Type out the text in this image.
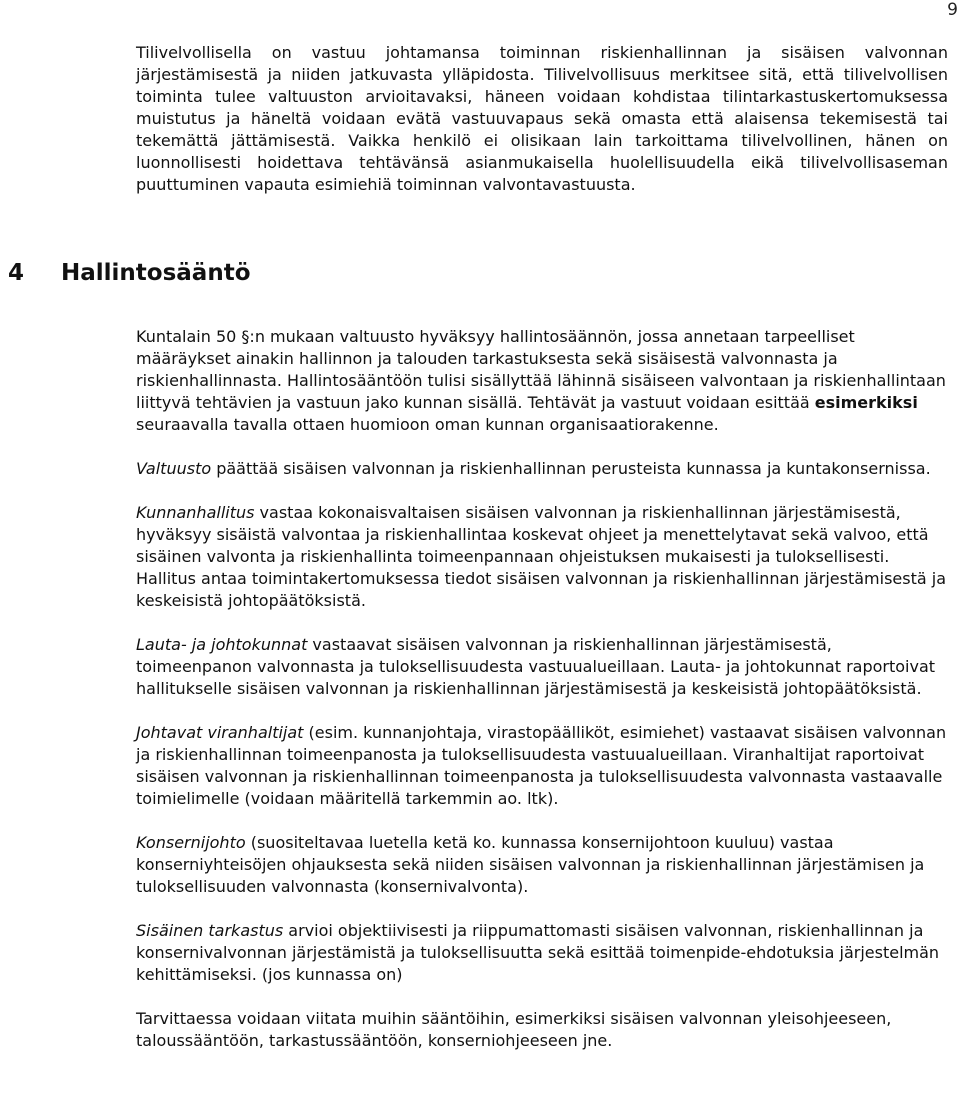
9

Tilivelvollisella on vastuu johtamansa toiminnan riskienhallinnan ja sisäisen valvonnan järjestämisestä ja niiden jatkuvasta ylläpidosta. Tilivelvollisuus merkitsee sitä, että tilivelvollisen toiminta tulee valtuuston arvioitavaksi, häneen voidaan kohdistaa tilintarkastuskertomuksessa muistutus ja häneltä voidaan evätä vastuuvapaus sekä omasta että alaisensa tekemisestä tai tekemättä jättämisestä. Vaikka henkilö ei olisikaan lain tarkoittama tilivelvollinen, hänen on luonnollisesti hoidettava tehtävänsä asianmukaisella huolellisuudella eikä tilivelvollisaseman puuttuminen vapauta esimiehiä toiminnan valvontavastuusta.

4 Hallintosääntö

Kuntalain 50 §:n mukaan valtuusto hyväksyy hallintosäännön, jossa annetaan tarpeelliset määräykset ainakin hallinnon ja talouden tarkastuksesta sekä sisäisestä valvonnasta ja riskienhallinnasta. Hallintosääntöön tulisi sisällyttää lähinnä sisäiseen valvontaan ja riskienhallintaan liittyvä tehtävien ja vastuun jako kunnan sisällä. Tehtävät ja vastuut voidaan esittää esimerkiksi seuraavalla tavalla ottaen huomioon oman kunnan organisaatiorakenne.

Valtuusto päättää sisäisen valvonnan ja riskienhallinnan perusteista kunnassa ja kuntakonsernissa.

Kunnanhallitus vastaa kokonaisvaltaisen sisäisen valvonnan ja riskienhallinnan järjestämisestä, hyväksyy sisäistä valvontaa ja riskienhallintaa koskevat ohjeet ja menettelytavat sekä valvoo, että sisäinen valvonta ja riskienhallinta toimeenpannaan ohjeistuksen mukaisesti ja tuloksellisesti. Hallitus antaa toimintakertomuksessa tiedot sisäisen valvonnan ja riskienhallinnan järjestämisestä ja keskeisistä johtopäätöksistä.

Lauta- ja johtokunnat vastaavat sisäisen valvonnan ja riskienhallinnan järjestämisestä, toimeenpanon valvonnasta ja tuloksellisuudesta vastuualueillaan. Lauta- ja johtokunnat raportoivat hallitukselle sisäisen valvonnan ja riskienhallinnan järjestämisestä ja keskeisistä johtopäätöksistä.

Johtavat viranhaltijat (esim. kunnanjohtaja, virastopäälliköt, esimiehet) vastaavat sisäisen valvonnan ja riskienhallinnan toimeenpanosta ja tuloksellisuudesta vastuualueillaan. Viranhaltijat raportoivat sisäisen valvonnan ja riskienhallinnan toimeenpanosta ja tuloksellisuudesta valvonnasta vastaavalle toimielimelle (voidaan määritellä tarkemmin ao. ltk).

Konsernijohto (suositeltavaa luetella ketä ko. kunnassa konsernijohtoon kuuluu) vastaa konserniyhteisöjen ohjauksesta sekä niiden sisäisen valvonnan ja riskienhallinnan järjestämisen ja tuloksellisuuden valvonnasta (konsernivalvonta).

Sisäinen tarkastus arvioi objektiivisesti ja riippumattomasti sisäisen valvonnan, riskienhallinnan ja konsernivalvonnan järjestämistä ja tuloksellisuutta sekä esittää toimenpide-ehdotuksia järjestelmän kehittämiseksi. (jos kunnassa on)

Tarvittaessa voidaan viitata muihin sääntöihin, esimerkiksi sisäisen valvonnan yleisohjeeseen, taloussääntöön, tarkastussääntöön, konserniohjeeseen jne.
